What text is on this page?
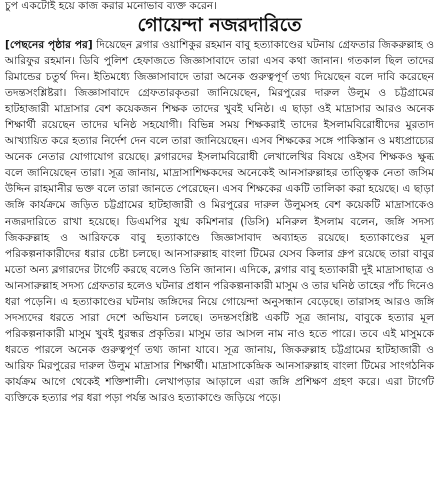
চুপ একটোই হয়ে কাজ করার মনোভাব ব্যক্ত করেন।

গোয়েন্দা নজরদারিতে

[পেছনের পৃষ্ঠার পর] দিয়েছেন ব্লগার ওয়াশিকুর রহমান বাবু হত্যাকাণ্ডের ঘটনায় গ্রেফতার জিকরুল্লাহ ও আরিফুর রহমান। ডিবি পুলিশ হেফাজতে জিজ্ঞাসাবাদে তারা এসব কথা জানান। গতকাল ছিল তাদের রিমান্ডের চতুর্থ দিন। ইতিমধ্যে জিজ্ঞাসাবাদে তারা অনেক গুরুত্বপূর্ণ তথ্য দিয়েছেন বলে দাবি করেছেন তদন্তসংশ্লিষ্টরা। জিজ্ঞাসাবাদে গ্রেফতারকৃতরা জানিয়েছেন, মিরপুরের দারুল উলুম ও চট্টগ্রামের হাটহাজারী মাদ্রাসার বেশ কয়েকজন শিক্ষক তাদের খুবই ঘনিষ্ঠ। এ ছাড়া ওই মাদ্রাসার আরও অনেক শিক্ষার্থী রয়েছেন তাদের ঘনিষ্ঠ সহযোগী। বিভিন্ন সময় শিক্ষকরাই তাদের ইসলামবিরোধীদের মুরতাদ আখ্যায়িত করে হত্যার নির্দেশ দেন বলে তারা জানিয়েছেন। এসব শিক্ষকের সঙ্গে পাকিস্তান ও মধ্যপ্রাচ্যের অনেক নেতার যোগাযোগ রয়েছে। ব্লগারদের ইসলামবিরোধী লেখালেখির বিষয়ে ওইসব শিক্ষকও ক্ষুব্ধ বলে জানিয়েছেন তারা। সূত্র জানায়, মাদ্রাসাশিক্ষকদের অনেকেই আনসারুল্লাহর তাত্ত্বিক নেতা জসিম উদ্দিন রাহমানীর ভক্ত বলে তারা জানতে পেরেছেন। এসব শিক্ষকের একটি তালিকা করা হয়েছে। এ ছাড়া জঙ্গি কার্যক্রমে জড়িত চট্টগ্রামের হাটহাজারী ও মিরপুরের দারুল উলুমসহ বেশ কয়েকটি মাদ্রাসাকেও নজরদারিতে রাখা হয়েছে। ডিএমপির যুগ্ম কমিশনার (ডিসি) মনিরুল ইসলাম বলেন, জঙ্গি সদস্য জিকরুল্লাহ ও আরিফকে বাবু হত্যাকাণ্ডে জিজ্ঞাসাবাদ অব্যাহত রয়েছে। হত্যাকাণ্ডের মূল পরিকল্পনাকারীদের ধরার চেষ্টা চলছে। আনসারুল্লাহ বাংলা টিমের যেসব কিলার গ্রুপ রয়েছে তারা বাবুর মতো অন্য ব্লগারদের টার্গেট করছে বলেও তিনি জানান। এদিকে, ব্লগার বাবু হত্যাকারী দুই মাদ্রাসাছাত্র ও আনসারুল্লাহ সদস্য গ্রেফতার হলেও ঘটনার প্রধান পরিকল্পনাকারী মাসুম ও তার ঘনিষ্ঠ তাহের পাঁচ দিনেও ধরা পড়েনি। এ হত্যাকাণ্ডের ঘটনায় জঙ্গিদের নিয়ে গোয়েন্দা অনুসন্ধান বেড়েছে। তারাসহ আরও জঙ্গি সদস্যদের ধরতে সারা দেশে অভিযান চলছে। তদন্তসংশ্লিষ্ট একটি সূত্র জানায়, বাবুকে হত্যার মূল পরিকল্পনাকারী মাসুম খুবই ধুরন্ধর প্রকৃতির। মাসুম তার আসল নাম নাও হতে পারে। তবে এই মাসুমকে ধরতে পারলে অনেক গুরুত্বপূর্ণ তথ্য জানা যাবে। সূত্র জানায়, জিকরুল্লাহ চট্টগ্রামের হাটহাজারী ও আরিফ মিরপুরের দারুল উলুম মাদ্রাসার শিক্ষার্থী। মাদ্রাসাকেন্দ্রিক আনসারুল্লাহ বাংলা টিমের সাংগঠনিক কার্যক্রম আগে থেকেই শক্তিশালী। লেখাপড়ার আড়ালে এরা জঙ্গি প্রশিক্ষণ গ্রহণ করে। এরা টার্গেট ব্যক্তিকে হত্যার পর ধরা পড়া পর্যন্ত আরও হত্যাকাণ্ডে জড়িয়ে পড়ে।
